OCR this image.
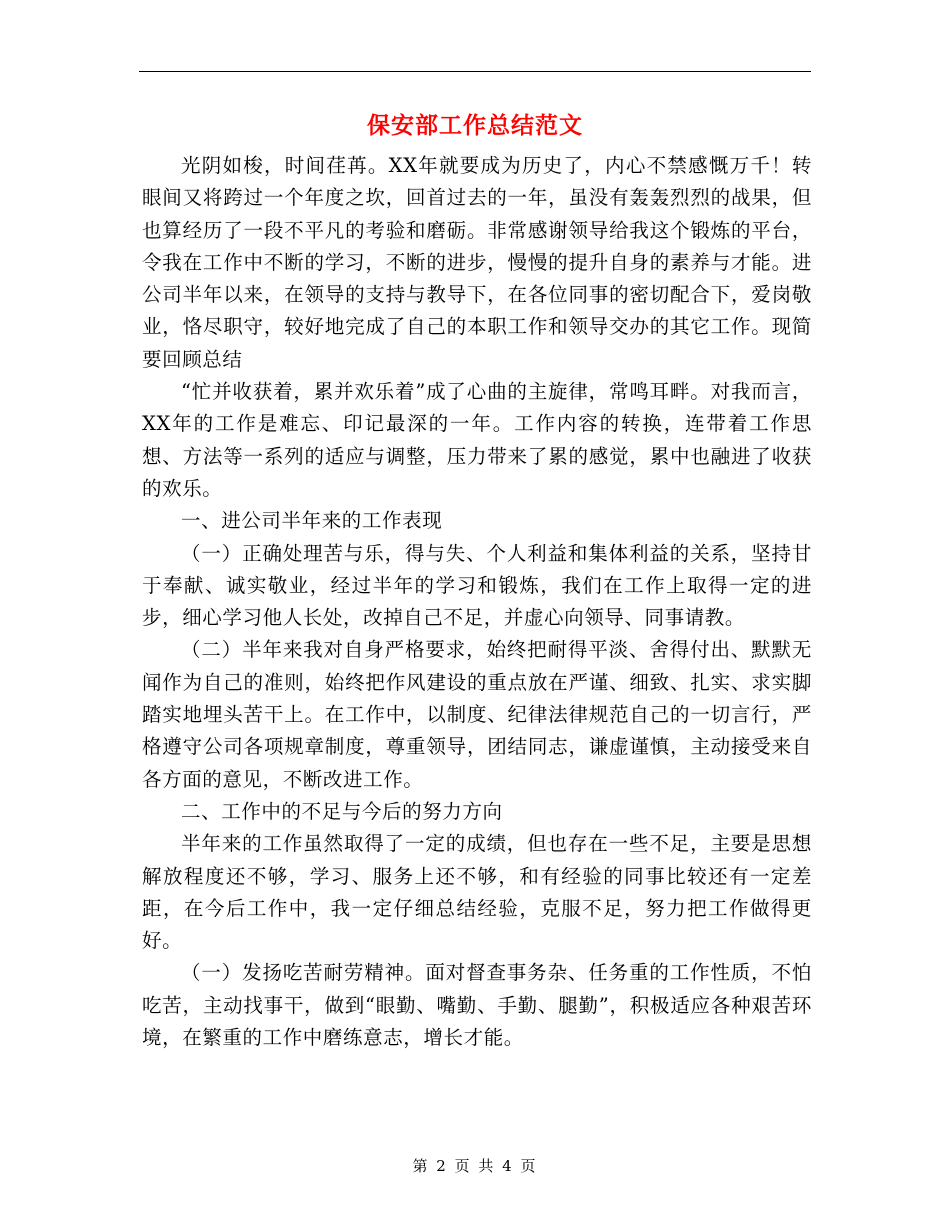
保安部工作总结范文

光阴如梭，时间荏苒。XX年就要成为历史了，内心不禁感慨万千！转眼间又将跨过一个年度之坎，回首过去的一年，虽没有轰轰烈烈的战果，但也算经历了一段不平凡的考验和磨砺。非常感谢领导给我这个锻炼的平台，令我在工作中不断的学习，不断的进步，慢慢的提升自身的素养与才能。进公司半年以来，在领导的支持与教导下，在各位同事的密切配合下，爱岗敬业，恪尽职守，较好地完成了自己的本职工作和领导交办的其它工作。现简要回顾总结

“忙并收获着，累并欢乐着”成了心曲的主旋律，常鸣耳畔。对我而言，XX年的工作是难忘、印记最深的一年。工作内容的转换，连带着工作思想、方法等一系列的适应与调整，压力带来了累的感觉，累中也融进了收获的欢乐。

一、进公司半年来的工作表现

（一）正确处理苦与乐，得与失、个人利益和集体利益的关系，坚持甘于奉献、诚实敬业，经过半年的学习和锻炼，我们在工作上取得一定的进步，细心学习他人长处，改掉自己不足，并虚心向领导、同事请教。

（二）半年来我对自身严格要求，始终把耐得平淡、舍得付出、默默无闻作为自己的准则，始终把作风建设的重点放在严谨、细致、扎实、求实脚踏实地埋头苦干上。在工作中，以制度、纪律法律规范自己的一切言行，严格遵守公司各项规章制度，尊重领导，团结同志，谦虚谨慎，主动接受来自各方面的意见，不断改进工作。

二、工作中的不足与今后的努力方向

半年来的工作虽然取得了一定的成绩，但也存在一些不足，主要是思想解放程度还不够，学习、服务上还不够，和有经验的同事比较还有一定差距，在今后工作中，我一定仔细总结经验，克服不足，努力把工作做得更好。

（一）发扬吃苦耐劳精神。面对督查事务杂、任务重的工作性质，不怕吃苦，主动找事干，做到“眼勤、嘴勤、手勤、腿勤”，积极适应各种艰苦环境，在繁重的工作中磨练意志，增长才能。

第 2 页 共 4 页
